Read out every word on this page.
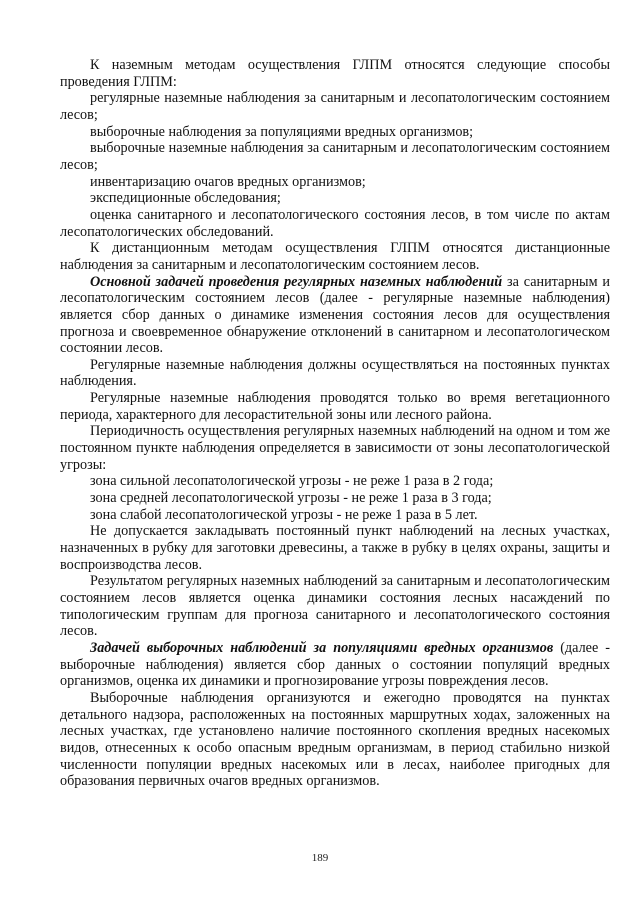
К наземным методам осуществления ГЛПМ относятся следующие способы проведения ГЛПМ:

регулярные наземные наблюдения за санитарным и лесопатологическим состоянием лесов;

выборочные наблюдения за популяциями вредных организмов;

выборочные наземные наблюдения за санитарным и лесопатологическим состоянием лесов;

инвентаризацию очагов вредных организмов;

экспедиционные обследования;

оценка санитарного и лесопатологического состояния лесов, в том числе по актам лесопатологических обследований.

К дистанционным методам осуществления ГЛПМ относятся дистанционные наблюдения за санитарным и лесопатологическим состоянием лесов.

Основной задачей проведения регулярных наземных наблюдений за санитарным и лесопатологическим состоянием лесов (далее - регулярные наземные наблюдения) является сбор данных о динамике изменения состояния лесов для осуществления прогноза и своевременное обнаружение отклонений в санитарном и лесопатологическом состоянии лесов.

Регулярные наземные наблюдения должны осуществляться на постоянных пунктах наблюдения.

Регулярные наземные наблюдения проводятся только во время вегетационного периода, характерного для лесорастительной зоны или лесного района.

Периодичность осуществления регулярных наземных наблюдений на одном и том же постоянном пункте наблюдения определяется в зависимости от зоны лесопатологической угрозы:

зона сильной лесопатологической угрозы - не реже 1 раза в 2 года;

зона средней лесопатологической угрозы - не реже 1 раза в 3 года;

зона слабой лесопатологической угрозы - не реже 1 раза в 5 лет.

Не допускается закладывать постоянный пункт наблюдений на лесных участках, назначенных в рубку для заготовки древесины, а также в рубку в целях охраны, защиты и воспроизводства лесов.

Результатом регулярных наземных наблюдений за санитарным и лесопатологическим состоянием лесов является оценка динамики состояния лесных насаждений по типологическим группам для прогноза санитарного и лесопатологического состояния лесов.

Задачей выборочных наблюдений за популяциями вредных организмов (далее - выборочные наблюдения) является сбор данных о состоянии популяций вредных организмов, оценка их динамики и прогнозирование угрозы повреждения лесов.

Выборочные наблюдения организуются и ежегодно проводятся на пунктах детального надзора, расположенных на постоянных маршрутных ходах, заложенных на лесных участках, где установлено наличие постоянного скопления вредных насекомых видов, отнесенных к особо опасным вредным организмам, в период стабильно низкой численности популяции вредных насекомых или в лесах, наиболее пригодных для образования первичных очагов вредных организмов.

189
